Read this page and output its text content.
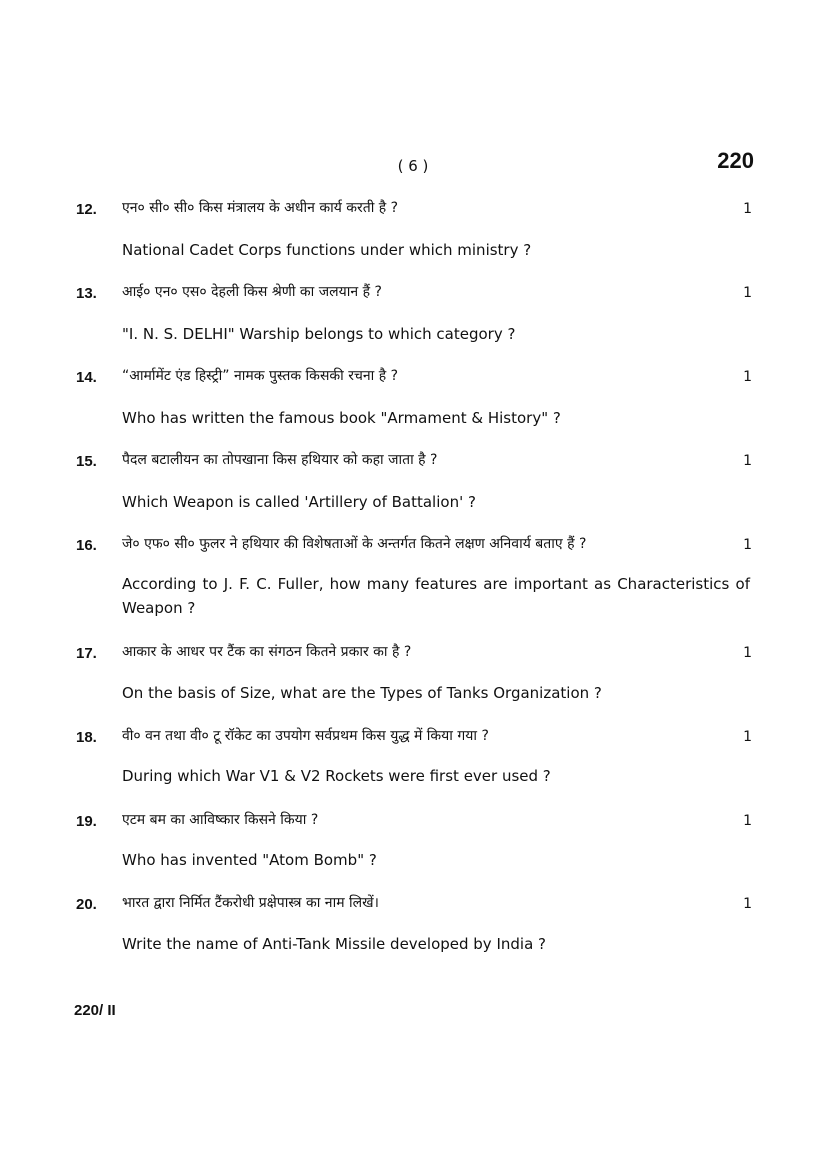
( 6 )	220
12.	एन० सी० सी० किस मंत्रालय के अधीन कार्य करती है ?	1
National Cadet Corps functions under which ministry ?
13.	आई० एन० एस० देहली किस श्रेणी का जलयान हैं ?	1
"I. N. S. DELHI" Warship belongs to which category ?
14.	“आर्मामेंट एंड हिस्ट्री” नामक पुस्तक किसकी रचना है ?	1
Who has written the famous book "Armament & History" ?
15.	पैदल बटालीयन का तोपखाना किस हथियार को कहा जाता है ?	1
Which Weapon is called 'Artillery of Battalion' ?
16.	जे० एफ० सी० फुलर ने हथियार की विशेषताओं के अन्तर्गत कितने लक्षण अनिवार्य बताए हैं ?	1
According to J. F. C. Fuller, how many features are important as Characteristics of Weapon ?
17.	आकार के आधर पर टैंक का संगठन कितने प्रकार का है ?	1
On the basis of Size, what are the Types of Tanks Organization ?
18.	वी० वन तथा वी० टू रॉकेट का उपयोग सर्वप्रथम किस युद्ध में किया गया ?	1
During which War V1 & V2 Rockets were first ever used ?
19.	एटम बम का आविष्कार किसने किया ?	1
Who has invented "Atom Bomb" ?
20.	भारत द्वारा निर्मित टैंकरोधी प्रक्षेपास्त्र का नाम लिखें।	1
Write the name of Anti-Tank Missile developed by India ?
220/ II
